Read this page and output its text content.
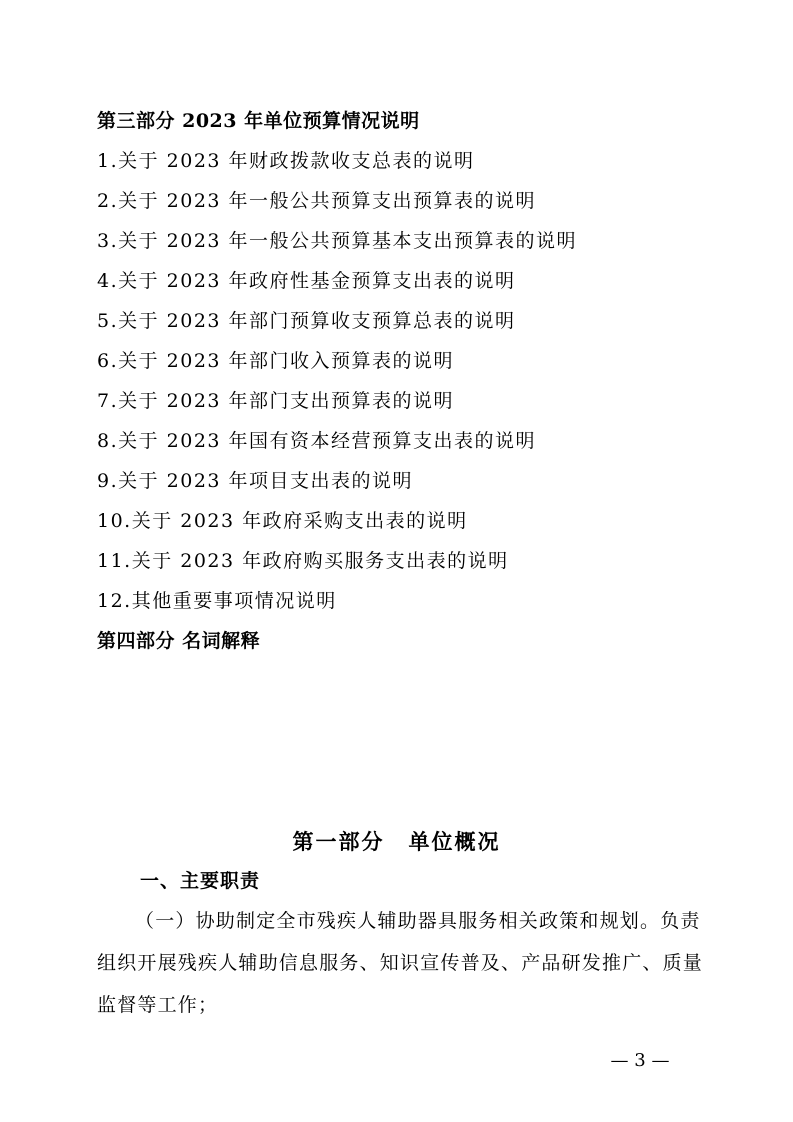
第三部分 2023 年单位预算情况说明
1.关于 2023 年财政拨款收支总表的说明
2.关于 2023 年一般公共预算支出预算表的说明
3.关于 2023 年一般公共预算基本支出预算表的说明
4.关于 2023 年政府性基金预算支出表的说明
5.关于 2023 年部门预算收支预算总表的说明
6.关于 2023 年部门收入预算表的说明
7.关于 2023 年部门支出预算表的说明
8.关于 2023 年国有资本经营预算支出表的说明
9.关于 2023 年项目支出表的说明
10.关于 2023 年政府采购支出表的说明
11.关于 2023 年政府购买服务支出表的说明
12.其他重要事项情况说明
第四部分 名词解释
第一部分 单位概况
一、主要职责
（一）协助制定全市残疾人辅助器具服务相关政策和规划。负责组织开展残疾人辅助信息服务、知识宣传普及、产品研发推广、质量监督等工作；
— 3 —
